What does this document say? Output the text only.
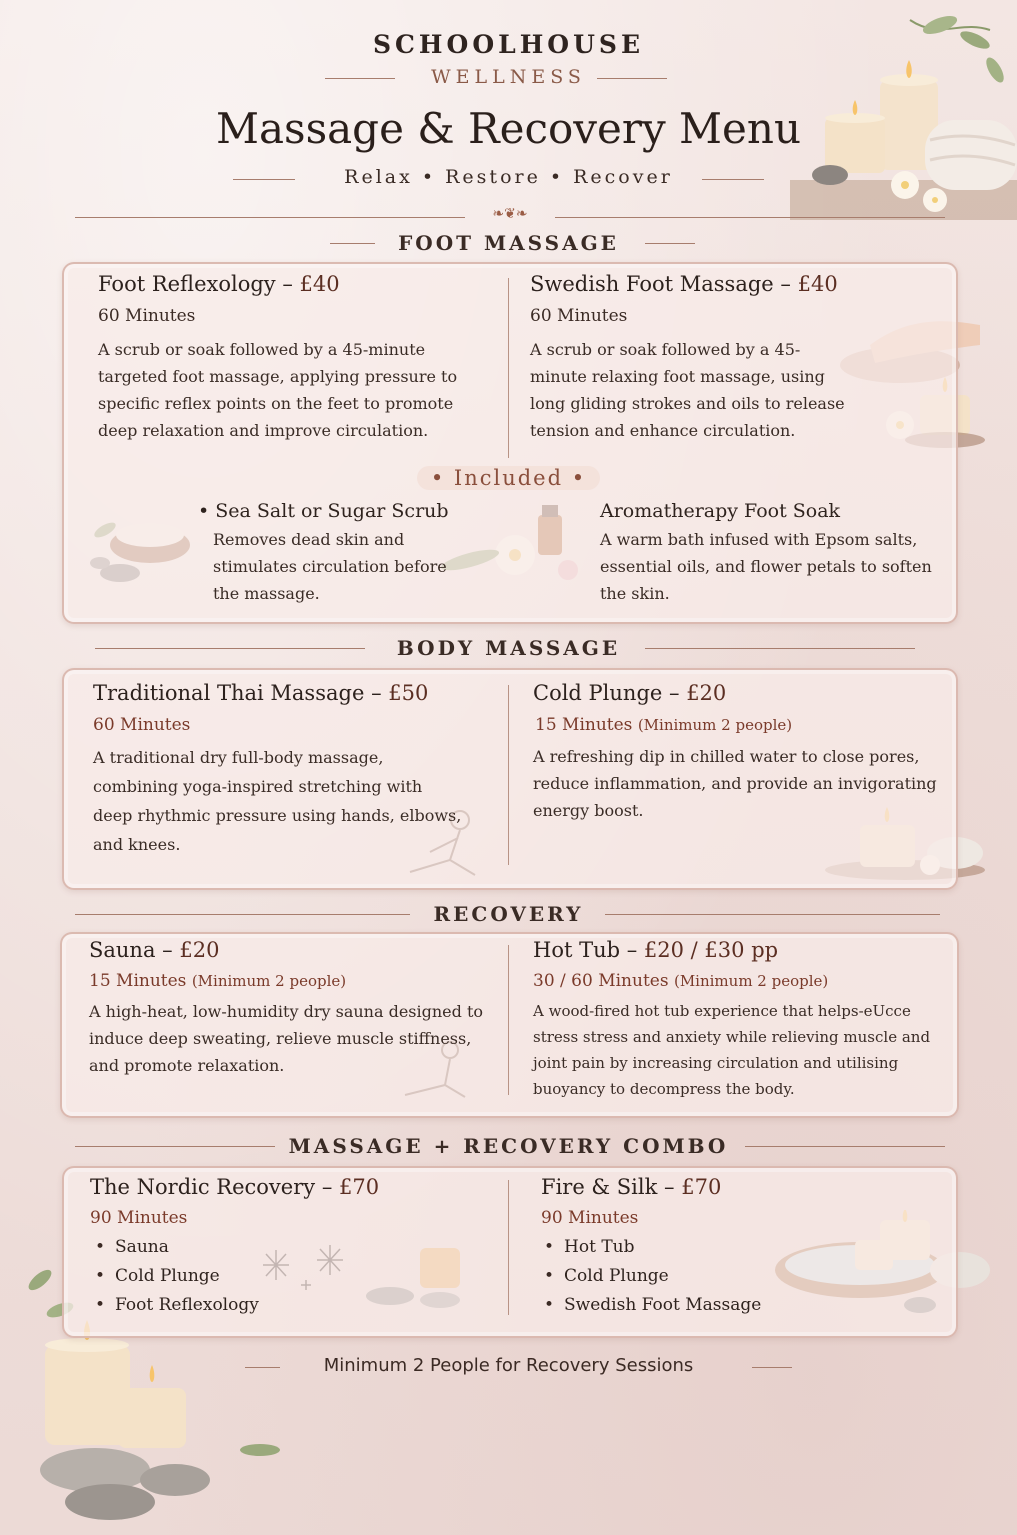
SCHOOLHOUSE
WELLNESS
Massage & Recovery Menu
Relax • Restore • Recover
❧❦❧
FOOT MASSAGE
Foot Reflexology – £40
60 Minutes
A scrub or soak followed by a 45-minute targeted foot massage, applying pressure to specific reflex points on the feet to promote deep relaxation and improve circulation.
Swedish Foot Massage – £40
60 Minutes
A scrub or soak followed by a 45-minute relaxing foot massage, using long gliding strokes and oils to release tension and enhance circulation.
• Included •
• Sea Salt or Sugar Scrub
Removes dead skin and stimulates circulation before the massage.
Aromatherapy Foot Soak
A warm bath infused with Epsom salts, essential oils, and flower petals to soften the skin.
BODY MASSAGE
Traditional Thai Massage – £50
60 Minutes
A traditional dry full-body massage, combining yoga-inspired stretching with deep rhythmic pressure using hands, elbows, and knees.
Cold Plunge – £20
15 Minutes (Minimum 2 people)
A refreshing dip in chilled water to close pores, reduce inflammation, and provide an invigorating energy boost.
RECOVERY
Sauna – £20
15 Minutes (Minimum 2 people)
A high-heat, low-humidity dry sauna designed to induce deep sweating, relieve muscle stiffness, and promote relaxation.
Hot Tub – £20 / £30 pp
30 / 60 Minutes (Minimum 2 people)
A wood-fired hot tub experience that helps-eUcce stress stress and anxiety while relieving muscle and joint pain by increasing circulation and utilising buoyancy to decompress the body.
MASSAGE + RECOVERY COMBO
The Nordic Recovery – £70
90 Minutes
• Sauna
• Cold Plunge
• Foot Reflexology
Fire & Silk – £70
90 Minutes
• Hot Tub
• Cold Plunge
• Swedish Foot Massage
Minimum 2 People for Recovery Sessions
